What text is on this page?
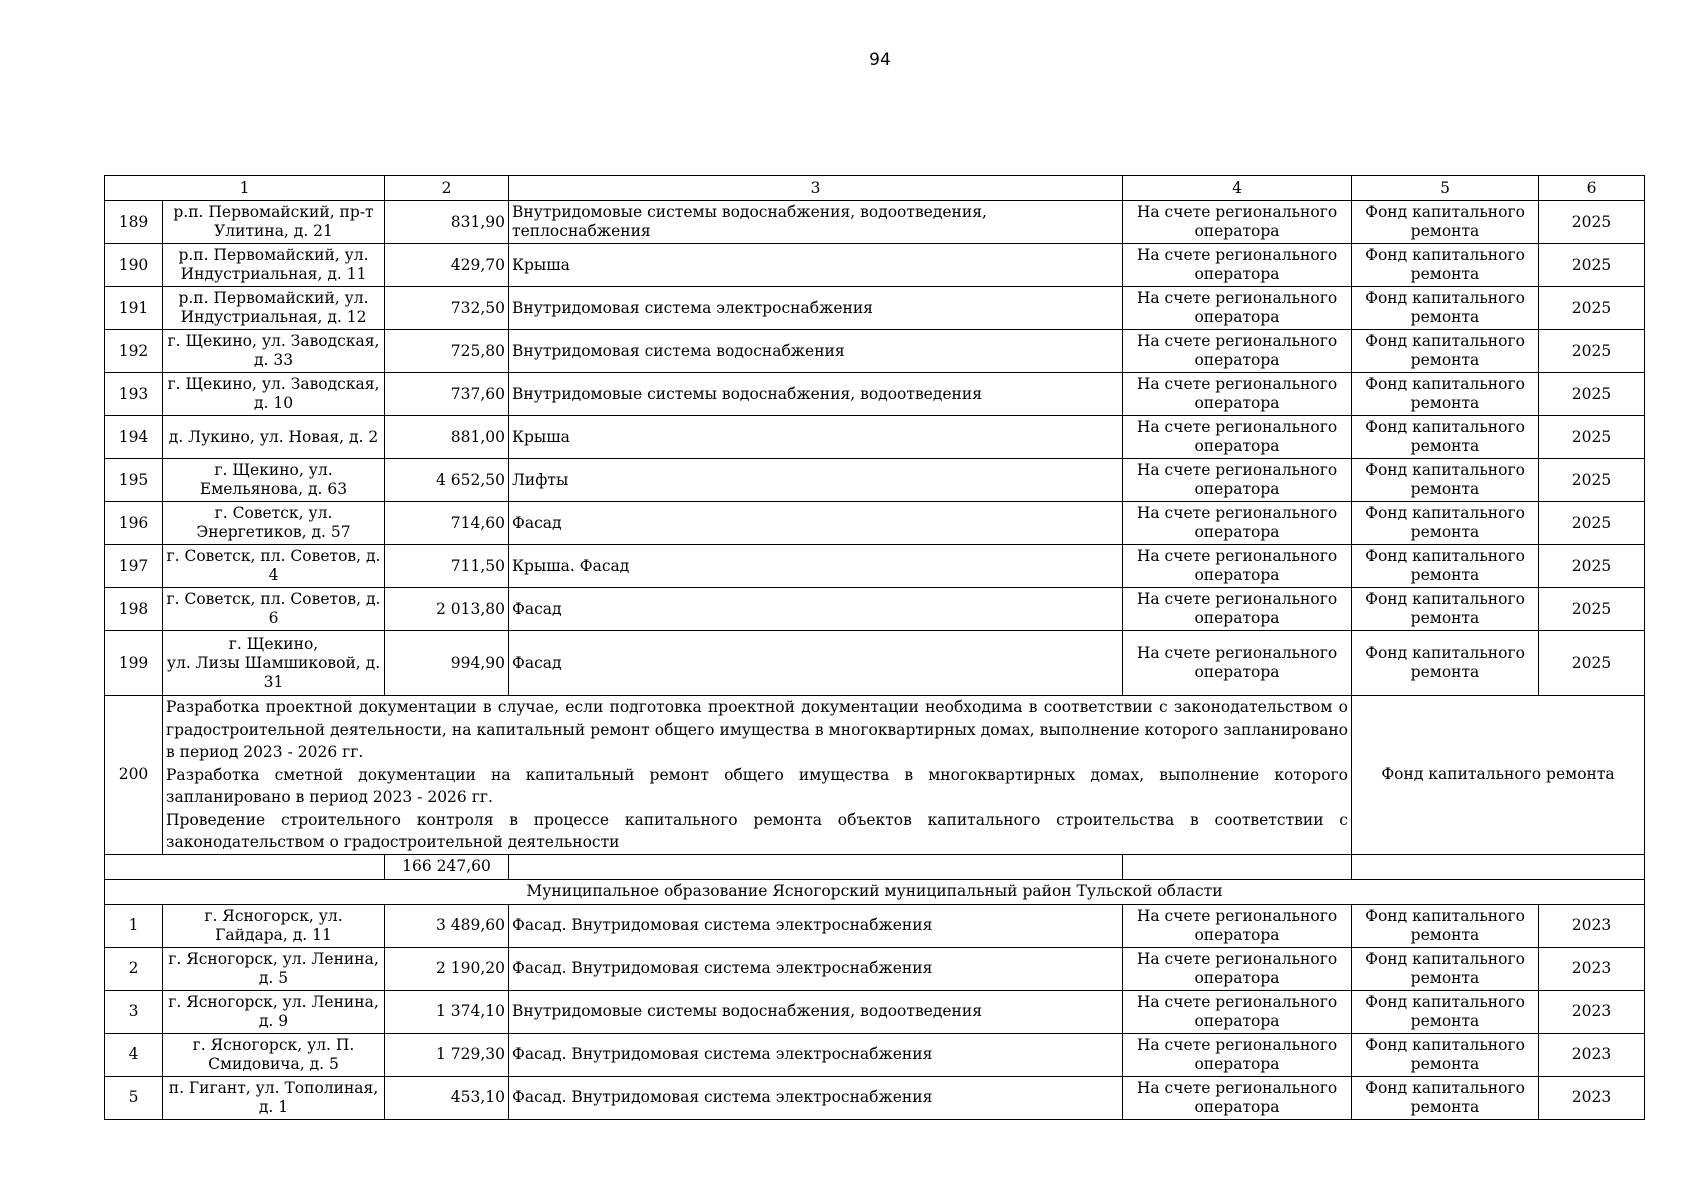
94
1		2	3	4	5	6
189	р.п. Первомайский, пр-т Улитина, д. 21	831,90	Внутридомовые системы водоснабжения, водоотведения, теплоснабжения	На счете регионального оператора	Фонд капитального ремонта	2025
190	р.п. Первомайский, ул. Индустриальная, д. 11	429,70	Крыша	На счете регионального оператора	Фонд капитального ремонта	2025
191	р.п. Первомайский, ул. Индустриальная, д. 12	732,50	Внутридомовая система электроснабжения	На счете регионального оператора	Фонд капитального ремонта	2025
192	г. Щекино, ул. Заводская, д. 33	725,80	Внутридомовая система водоснабжения	На счете регионального оператора	Фонд капитального ремонта	2025
193	г. Щекино, ул. Заводская, д. 10	737,60	Внутридомовые системы водоснабжения, водоотведения	На счете регионального оператора	Фонд капитального ремонта	2025
194	д. Лукино, ул. Новая, д. 2	881,00	Крыша	На счете регионального оператора	Фонд капитального ремонта	2025
195	г. Щекино, ул. Емельянова, д. 63	4 652,50	Лифты	На счете регионального оператора	Фонд капитального ремонта	2025
196	г. Советск, ул. Энергетиков, д. 57	714,60	Фасад	На счете регионального оператора	Фонд капитального ремонта	2025
197	г. Советск, пл. Советов, д. 4	711,50	Крыша. Фасад	На счете регионального оператора	Фонд капитального ремонта	2025
198	г. Советск, пл. Советов, д. 6	2 013,80	Фасад	На счете регионального оператора	Фонд капитального ремонта	2025
199	г. Щекино,
ул. Лизы Шамшиковой, д. 31	994,90	Фасад	На счете регионального оператора	Фонд капитального ремонта	2025
200	Разработка проектной документации в случае, если подготовка проектной документации необходима в соответствии с законодательством о градостроительной деятельности, на капитальный ремонт общего имущества в многоквартирных домах, выполнение которого запланировано в период 2023 - 2026 гг.
Разработка сметной документации на капитальный ремонт общего имущества в многоквартирных домах, выполнение которого запланировано в период 2023 - 2026 гг.
Проведение строительного контроля в процессе капитального ремонта объектов капитального строительства в соответствии с законодательством о градостроительной деятельности				Фонд капитального ремонта	
		166 247,60				
Муниципальное образование Ясногорский муниципальный район Тульской области						
1	г. Ясногорск, ул. Гайдара, д. 11	3 489,60	Фасад. Внутридомовая система электроснабжения	На счете регионального оператора	Фонд капитального ремонта	2023
2	г. Ясногорск, ул. Ленина, д. 5	2 190,20	Фасад. Внутридомовая система электроснабжения	На счете регионального оператора	Фонд капитального ремонта	2023
3	г. Ясногорск, ул. Ленина, д. 9	1 374,10	Внутридомовые системы водоснабжения, водоотведения	На счете регионального оператора	Фонд капитального ремонта	2023
4	г. Ясногорск, ул. П. Смидовича, д. 5	1 729,30	Фасад. Внутридомовая система электроснабжения	На счете регионального оператора	Фонд капитального ремонта	2023
5	п. Гигант, ул. Тополиная, д. 1	453,10	Фасад. Внутридомовая система электроснабжения	На счете регионального оператора	Фонд капитального ремонта	2023
